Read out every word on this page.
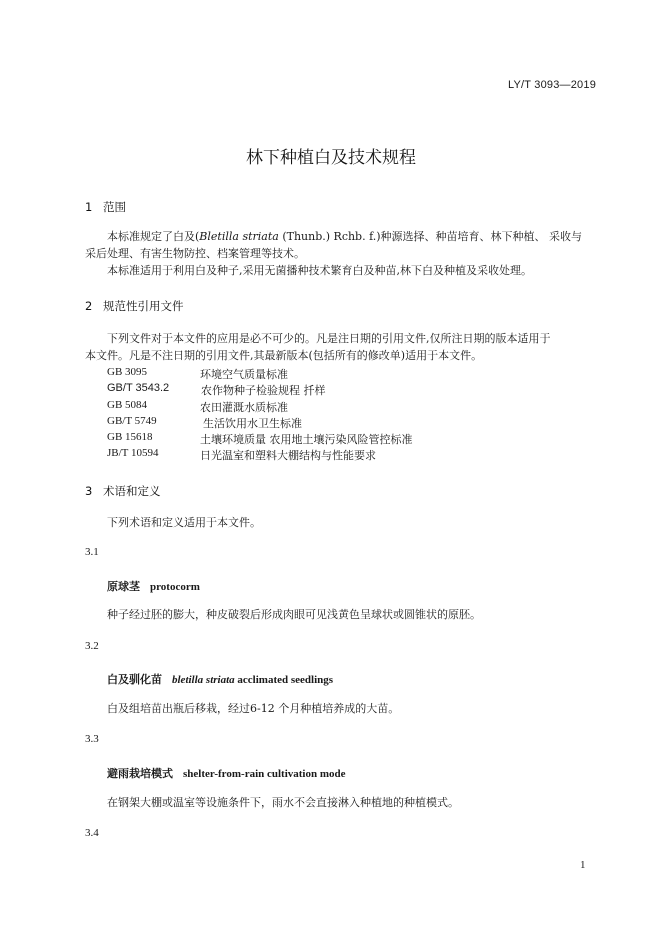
LY/T 3093—2019
林下种植白及技术规程
1 范围
本标准规定了白及(Bletilla striata (Thunb.) Rchb. f.)种源选择、种苗培育、林下种植、 采收与
采后处理、有害生物防控、档案管理等技术。
本标准适用于利用白及种子,采用无菌播种技术繁育白及种苗,林下白及种植及采收处理。
2 规范性引用文件
下列文件对于本文件的应用是必不可少的。凡是注日期的引用文件,仅所注日期的版本适用于
本文件。凡是不注日期的引用文件,其最新版本(包括所有的修改单)适用于本文件。
GB 3095	环境空气质量标准
GB/T 3543.2	农作物种子检验规程 扦样
GB 5084	农田灌溉水质标准
GB/T 5749	生活饮用水卫生标准
GB 15618	土壤环境质量 农用地土壤污染风险管控标准
JB/T 10594	日光温室和塑料大棚结构与性能要求
3 术语和定义
下列术语和定义适用于本文件。
3.1
原球茎 protocorm
种子经过胚的膨大，种皮破裂后形成肉眼可见浅黄色呈球状或圆锥状的原胚。
3.2
白及驯化苗 bletilla striata acclimated seedlings
白及组培苗出瓶后移栽，经过6-12 个月种植培养成的大苗。
3.3
避雨栽培模式 shelter-from-rain cultivation mode
在钢架大棚或温室等设施条件下，雨水不会直接淋入种植地的种植模式。
3.4
1
